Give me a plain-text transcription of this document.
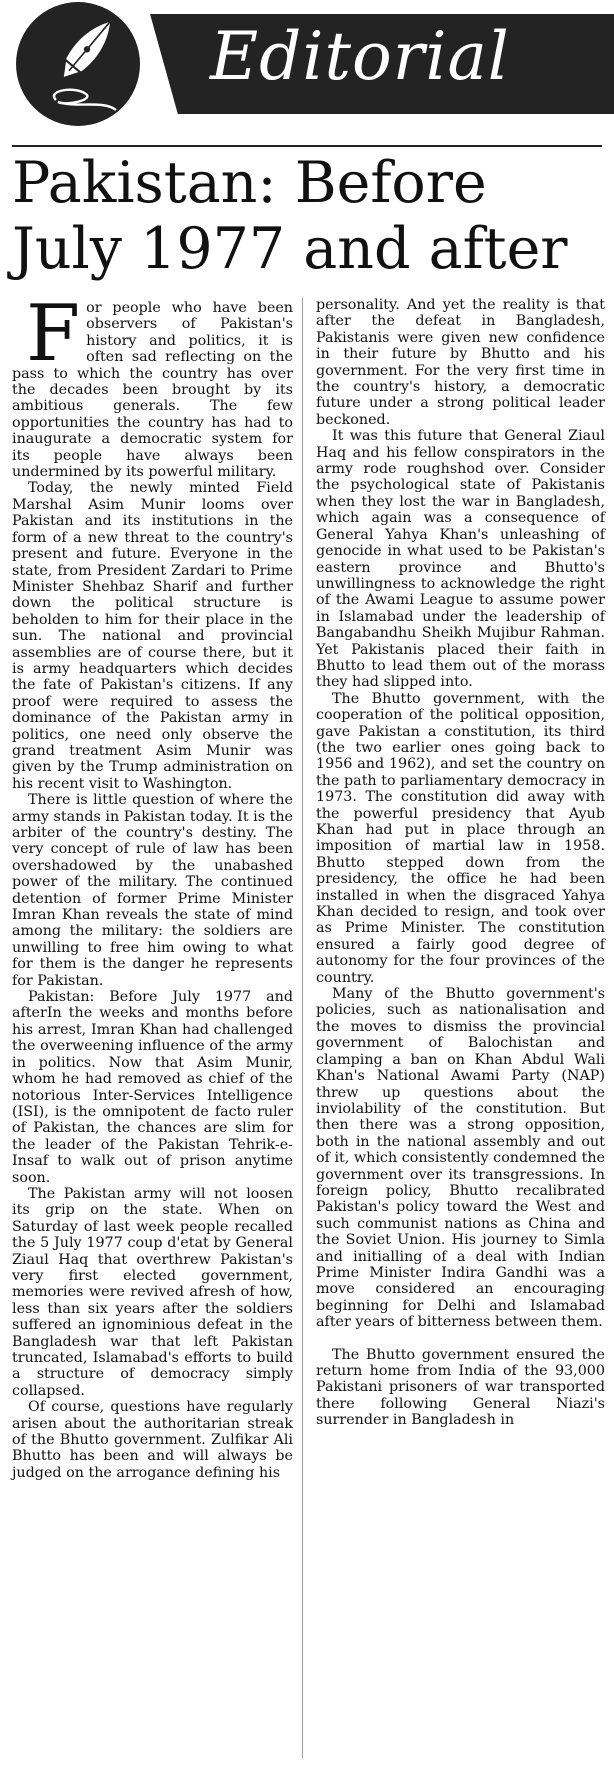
Editorial
Pakistan: Before July 1977 and after

For people who have been observers of Pakistan's history and politics, it is often sad reflecting on the pass to which the country has over the decades been brought by its ambitious generals. The few opportunities the country has had to inaugurate a democratic system for its people have always been undermined by its powerful military.

Today, the newly minted Field Marshal Asim Munir looms over Pakistan and its institutions in the form of a new threat to the country's present and future. Everyone in the state, from President Zardari to Prime Minister Shehbaz Sharif and further down the political structure is beholden to him for their place in the sun. The national and provincial assemblies are of course there, but it is army headquarters which decides the fate of Pakistan's citizens. If any proof were required to assess the dominance of the Pakistan army in politics, one need only observe the grand treatment Asim Munir was given by the Trump administration on his recent visit to Washington.

There is little question of where the army stands in Pakistan today. It is the arbiter of the country's destiny. The very concept of rule of law has been overshadowed by the unabashed power of the military. The continued detention of former Prime Minister Imran Khan reveals the state of mind among the military: the soldiers are unwilling to free him owing to what for them is the danger he represents for Pakistan.

Pakistan: Before July 1977 and afterIn the weeks and months before his arrest, Imran Khan had challenged the overweening influence of the army in politics. Now that Asim Munir, whom he had removed as chief of the notorious Inter-Services Intelligence (ISI), is the omnipotent de facto ruler of Pakistan, the chances are slim for the leader of the Pakistan Tehrik-e-Insaf to walk out of prison anytime soon.

The Pakistan army will not loosen its grip on the state. When on Saturday of last week people recalled the 5 July 1977 coup d'etat by General Ziaul Haq that overthrew Pakistan's very first elected government, memories were revived afresh of how, less than six years after the soldiers suffered an ignominious defeat in the Bangladesh war that left Pakistan truncated, Islamabad's efforts to build a structure of democracy simply collapsed.

Of course, questions have regularly arisen about the authoritarian streak of the Bhutto government. Zulfikar Ali Bhutto has been and will always be judged on the arrogance defining his

personality. And yet the reality is that after the defeat in Bangladesh, Pakistanis were given new confidence in their future by Bhutto and his government. For the very first time in the country's history, a democratic future under a strong political leader beckoned.

It was this future that General Ziaul Haq and his fellow conspirators in the army rode roughshod over. Consider the psychological state of Pakistanis when they lost the war in Bangladesh, which again was a consequence of General Yahya Khan's unleashing of genocide in what used to be Pakistan's eastern province and Bhutto's unwillingness to acknowledge the right of the Awami League to assume power in Islamabad under the leadership of Bangabandhu Sheikh Mujibur Rahman. Yet Pakistanis placed their faith in Bhutto to lead them out of the morass they had slipped into.

The Bhutto government, with the cooperation of the political opposition, gave Pakistan a constitution, its third (the two earlier ones going back to 1956 and 1962), and set the country on the path to parliamentary democracy in 1973. The constitution did away with the powerful presidency that Ayub Khan had put in place through an imposition of martial law in 1958. Bhutto stepped down from the presidency, the office he had been installed in when the disgraced Yahya Khan decided to resign, and took over as Prime Minister. The constitution ensured a fairly good degree of autonomy for the four provinces of the country.

Many of the Bhutto government's policies, such as nationalisation and the moves to dismiss the provincial government of Balochistan and clamping a ban on Khan Abdul Wali Khan's National Awami Party (NAP) threw up questions about the inviolability of the constitution. But then there was a strong opposition, both in the national assembly and out of it, which consistently condemned the government over its transgressions. In foreign policy, Bhutto recalibrated Pakistan's policy toward the West and such communist nations as China and the Soviet Union. His journey to Simla and initialling of a deal with Indian Prime Minister Indira Gandhi was a move considered an encouraging beginning for Delhi and Islamabad after years of bitterness between them.

The Bhutto government ensured the return home from India of the 93,000 Pakistani prisoners of war transported there following General Niazi's surrender in Bangladesh in
